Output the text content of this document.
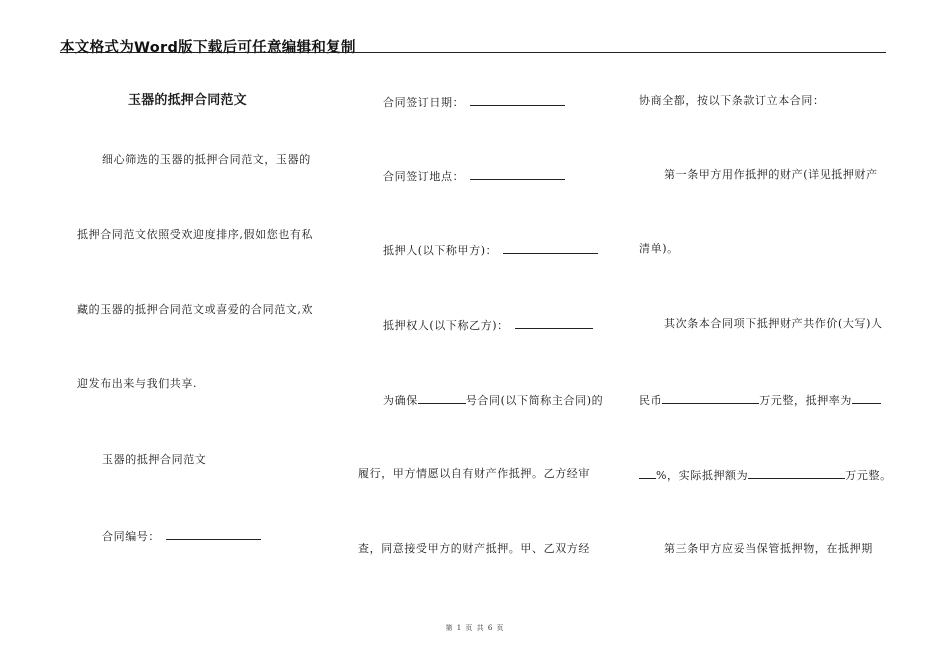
本文格式为Word版下载后可任意编辑和复制
玉器的抵押合同范文
细心筛选的玉器的抵押合同范文，玉器的
抵押合同范文依照受欢迎度排序,假如您也有私
藏的玉器的抵押合同范文或喜爱的合同范文,欢
迎发布出来与我们共享.
玉器的抵押合同范文
合同编号：
合同签订日期：
合同签订地点：
抵押人(以下称甲方)：
抵押权人(以下称乙方)：
为确保	号合同(以下简称主合同)的
履行，甲方情愿以自有财产作抵押。乙方经审
查，同意接受甲方的财产抵押。甲、乙双方经
协商全都，按以下条款订立本合同：
第一条甲方用作抵押的财产(详见抵押财产
清单)。
其次条本合同项下抵押财产共作价(大写)人
民币	万元整，抵押率为
%，实际抵押额为	万元整。
第三条甲方应妥当保管抵押物，在抵押期
第 1 页 共 6 页
